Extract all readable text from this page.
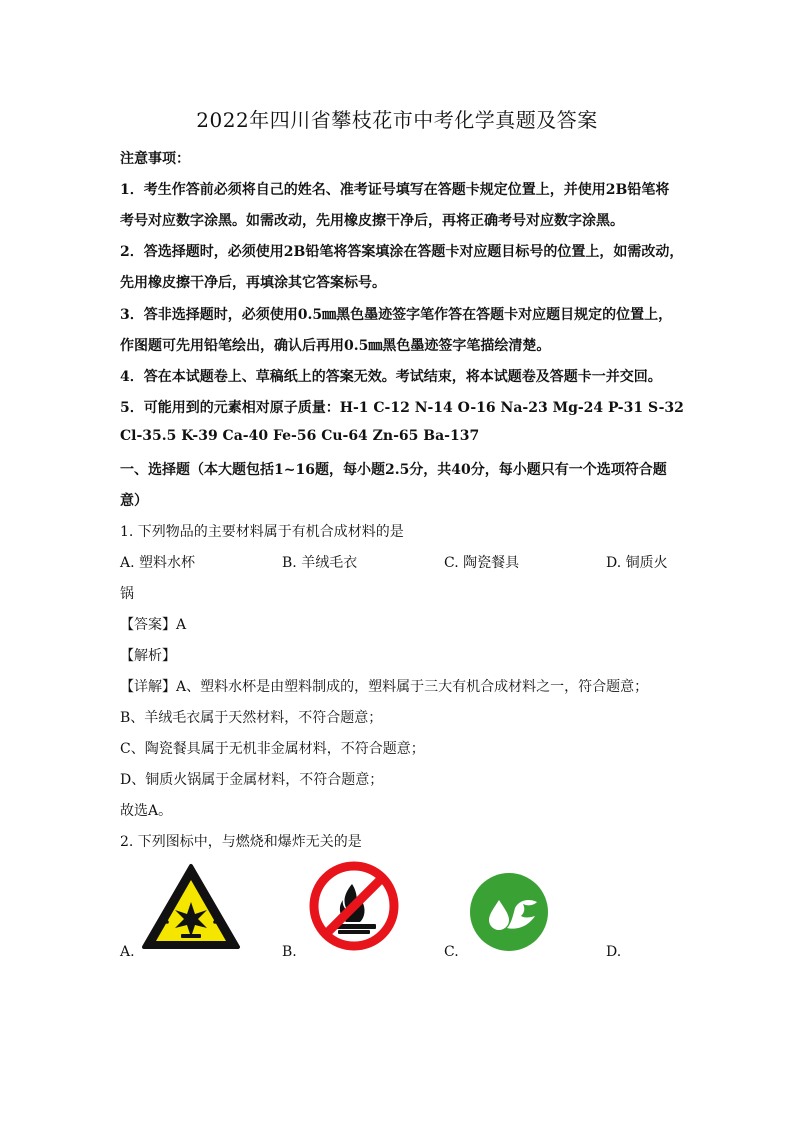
2022年四川省攀枝花市中考化学真题及答案
注意事项：
1．考生作答前必须将自己的姓名、准考证号填写在答题卡规定位置上，并使用2B铅笔将
考号对应数字涂黑。如需改动，先用橡皮擦干净后，再将正确考号对应数字涂黑。
2．答选择题时，必须使用2B铅笔将答案填涂在答题卡对应题目标号的位置上，如需改动，
先用橡皮擦干净后，再填涂其它答案标号。
3．答非选择题时，必须使用0.5㎜黑色墨迹签字笔作答在答题卡对应题目规定的位置上，
作图题可先用铅笔绘出，确认后再用0.5㎜黑色墨迹签字笔描绘清楚。
4．答在本试题卷上、草稿纸上的答案无效。考试结束，将本试题卷及答题卡一并交回。
5．可能用到的元素相对原子质量：H-1 C-12 N-14 O-16 Na-23 Mg-24 P-31 S-32
Cl-35.5 K-39 Ca-40 Fe-56 Cu-64 Zn-65 Ba-137
一、选择题（本大题包括1~16题，每小题2.5分，共40分，每小题只有一个选项符合题
意）
1. 下列物品的主要材料属于有机合成材料的是
A. 塑料水杯	B. 羊绒毛衣	C. 陶瓷餐具	D. 铜质火
锅
【答案】A
【解析】
【详解】A、塑料水杯是由塑料制成的，塑料属于三大有机合成材料之一，符合题意；
B、羊绒毛衣属于天然材料，不符合题意；
C、陶瓷餐具属于无机非金属材料，不符合题意；
D、铜质火锅属于金属材料，不符合题意；
故选A。
2. 下列图标中，与燃烧和爆炸无关的是
A.	B.	C.	D.
